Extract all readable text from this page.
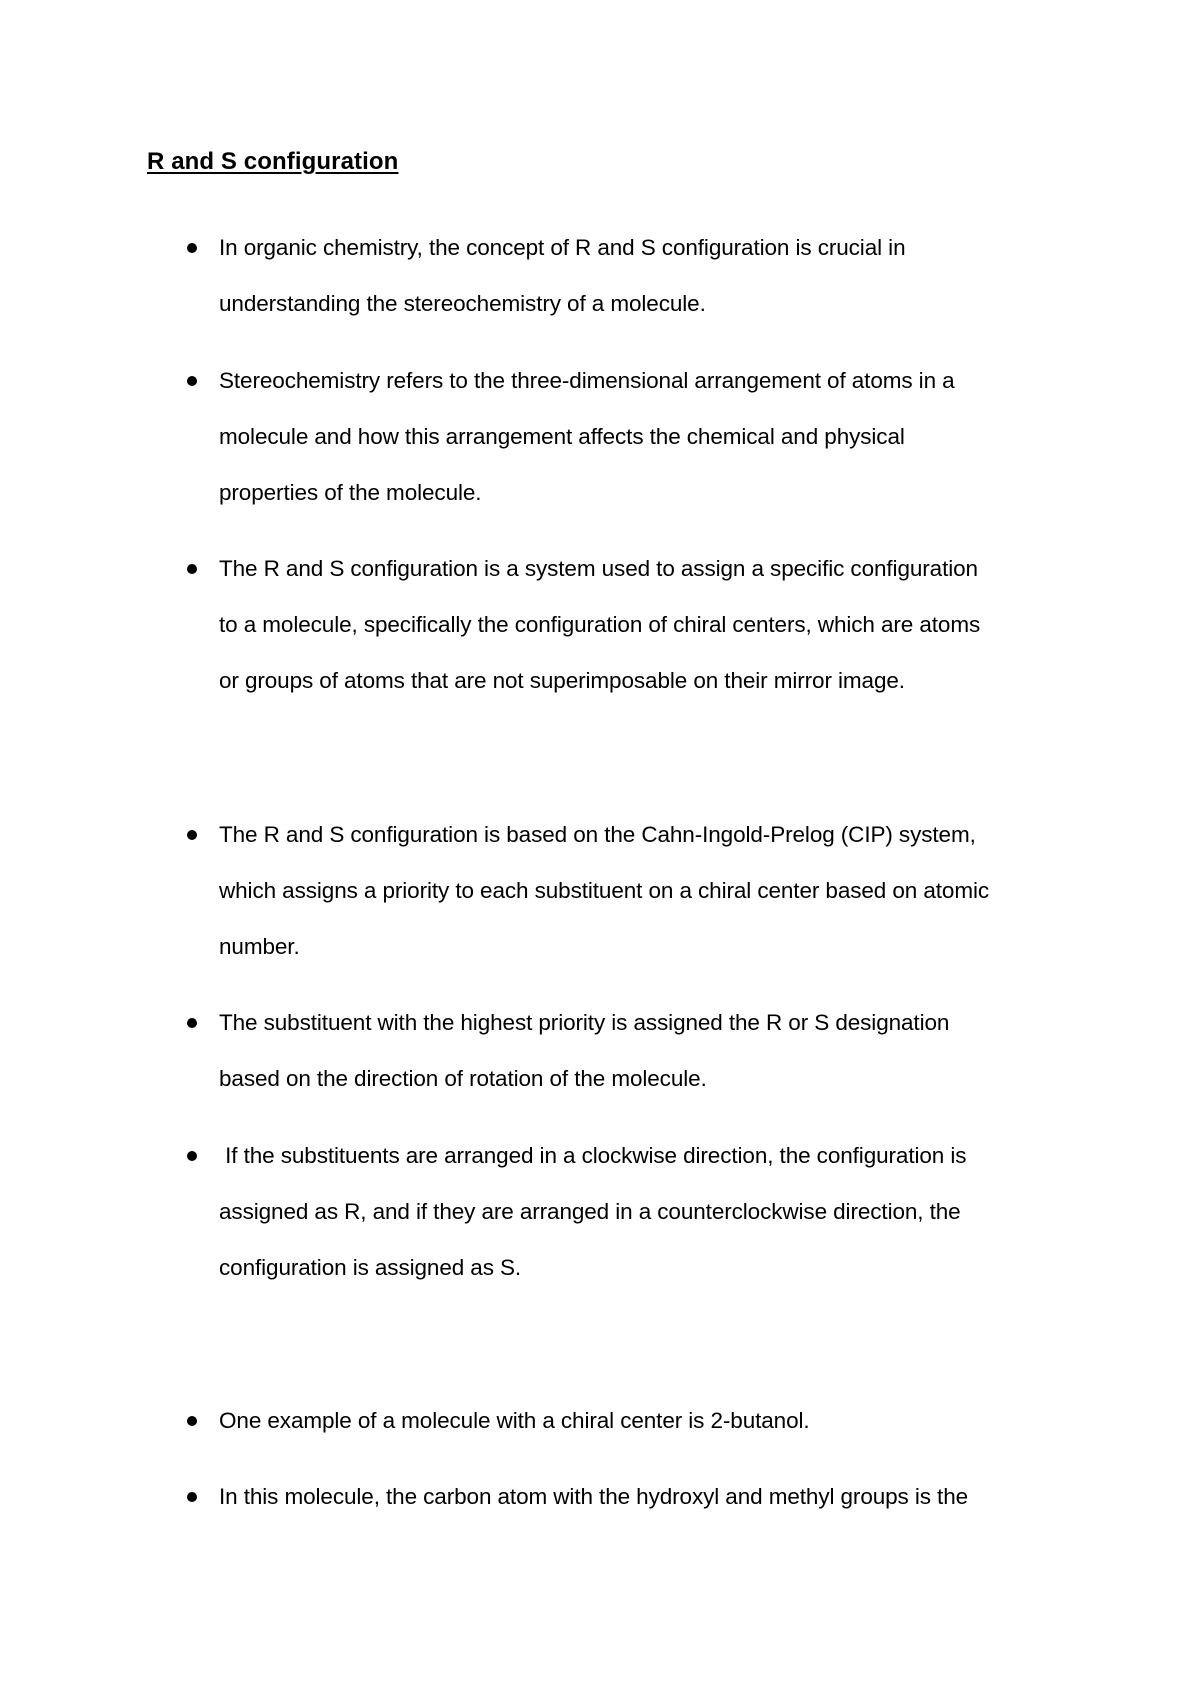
R and S configuration

In organic chemistry, the concept of R and S configuration is crucial in
understanding the stereochemistry of a molecule.

Stereochemistry refers to the three-dimensional arrangement of atoms in a
molecule and how this arrangement affects the chemical and physical
properties of the molecule.

The R and S configuration is a system used to assign a specific configuration
to a molecule, specifically the configuration of chiral centers, which are atoms
or groups of atoms that are not superimposable on their mirror image.

The R and S configuration is based on the Cahn-Ingold-Prelog (CIP) system,
which assigns a priority to each substituent on a chiral center based on atomic
number.

The substituent with the highest priority is assigned the R or S designation
based on the direction of rotation of the molecule.

If the substituents are arranged in a clockwise direction, the configuration is
assigned as R, and if they are arranged in a counterclockwise direction, the
configuration is assigned as S.

One example of a molecule with a chiral center is 2-butanol.

In this molecule, the carbon atom with the hydroxyl and methyl groups is the
